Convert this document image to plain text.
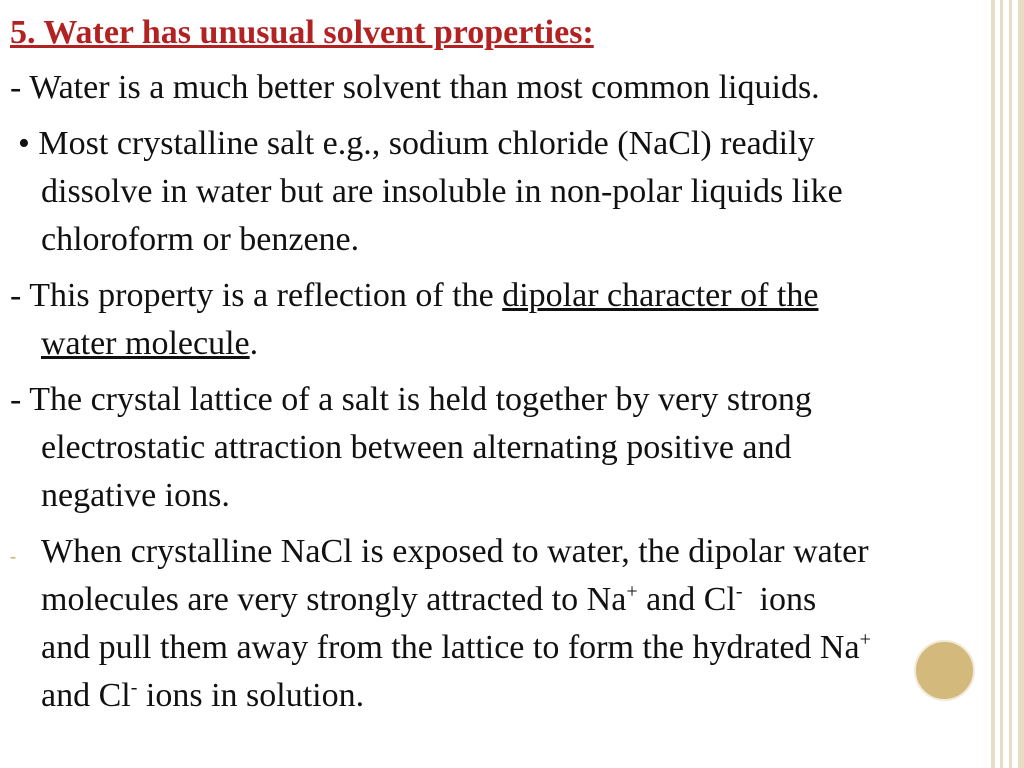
5. Water has unusual solvent properties:
- Water is a much better solvent than most common liquids.
• Most crystalline salt e.g., sodium chloride (NaCl) readily
dissolve in water but are insoluble in non-polar liquids like
chloroform or benzene.
- This property is a reflection of the dipolar character of the
water molecule.
- The crystal lattice of a salt is held together by very strong
electrostatic attraction between alternating positive and
negative ions.
- When crystalline NaCl is exposed to water, the dipolar water
molecules are very strongly attracted to Na+ and Cl-  ions
and pull them away from the lattice to form the hydrated Na+
and Cl- ions in solution.
